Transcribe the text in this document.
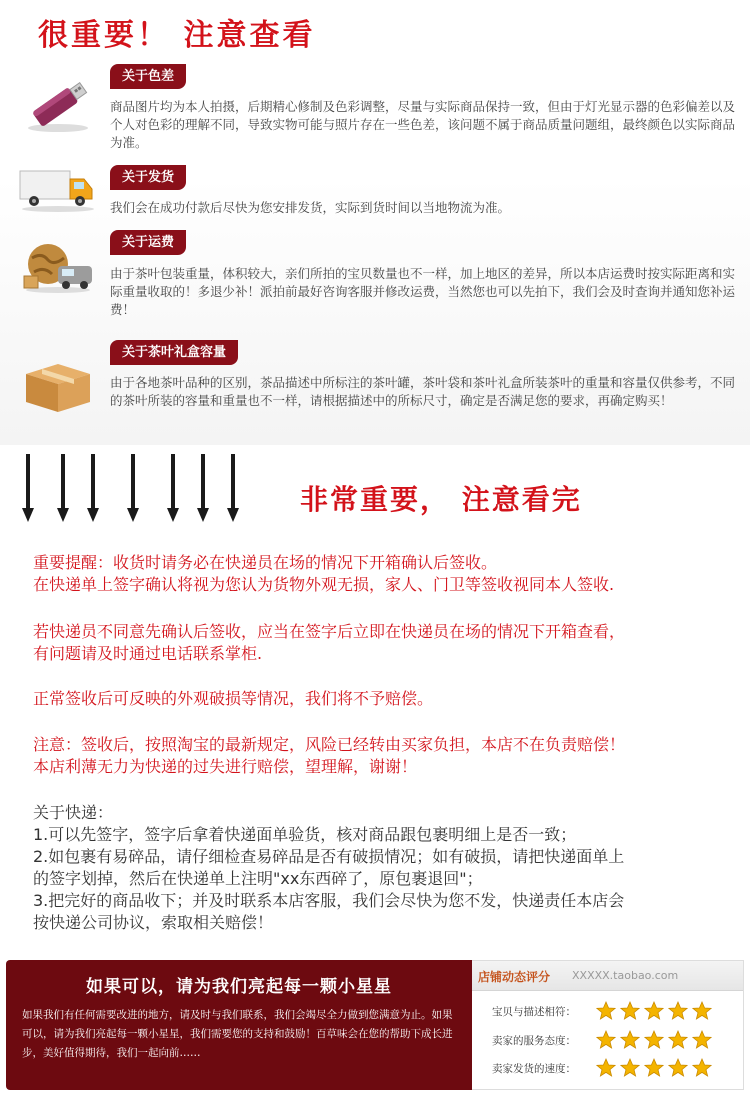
很重要！ 注意查看
关于色差
商品图片均为本人拍摄，后期精心修制及色彩调整，尽量与实际商品保持一致，但由于灯光显示器的色彩偏差以及个人对色彩的理解不同，导致实物可能与照片存在一些色差，该问题不属于商品质量问题组，最终颜色以实际商品为准。
关于发货
我们会在成功付款后尽快为您安排发货，实际到货时间以当地物流为准。
关于运费
由于茶叶包装重量，体积较大，亲们所拍的宝贝数量也不一样，加上地区的差异，所以本店运费时按实际距离和实际重量收取的！多退少补！派拍前最好咨询客服并修改运费，当然您也可以先拍下，我们会及时查询并通知您补运费！
关于茶叶礼盒容量
由于各地茶叶品种的区别，茶品描述中所标注的茶叶罐，茶叶袋和茶叶礼盒所装茶叶的重量和容量仅供参考，不同的茶叶所装的容量和重量也不一样，请根据描述中的所标尺寸，确定是否满足您的要求，再确定购买！
非常重要， 注意看完
重要提醒：收货时请务必在快递员在场的情况下开箱确认后签收。
在快递单上签字确认将视为您认为货物外观无损，家人、门卫等签收视同本人签收.
若快递员不同意先确认后签收，应当在签字后立即在快递员在场的情况下开箱查看，
有问题请及时通过电话联系掌柜.
正常签收后可反映的外观破损等情况，我们将不予赔偿。
注意：签收后，按照淘宝的最新规定，风险已经转由买家负担，本店不在负责赔偿！
本店利薄无力为快递的过失进行赔偿，望理解，谢谢！
关于快递：
1.可以先签字，签字后拿着快递面单验货，核对商品跟包裹明细上是否一致；
2.如包裹有易碎品，请仔细检查易碎品是否有破损情况；如有破损，请把快递面单上
的签字划掉，然后在快递单上注明"xx东西碎了，原包裹退回"；
3.把完好的商品收下；并及时联系本店客服，我们会尽快为您不发，快递责任本店会
按快递公司协议，索取相关赔偿！
如果可以，请为我们亮起每一颗小星星
如果我们有任何需要改进的地方，请及时与我们联系，我们会竭尽全力做到您满意为止。如果可以，请为我们亮起每一颗小星星，我们需要您的支持和鼓励！百草味会在您的帮助下成长进步，美好值得期待，我们一起向前……
店铺动态评分 XXXXX.taobao.com
宝贝与描述相符：
卖家的服务态度：
卖家发货的速度：
